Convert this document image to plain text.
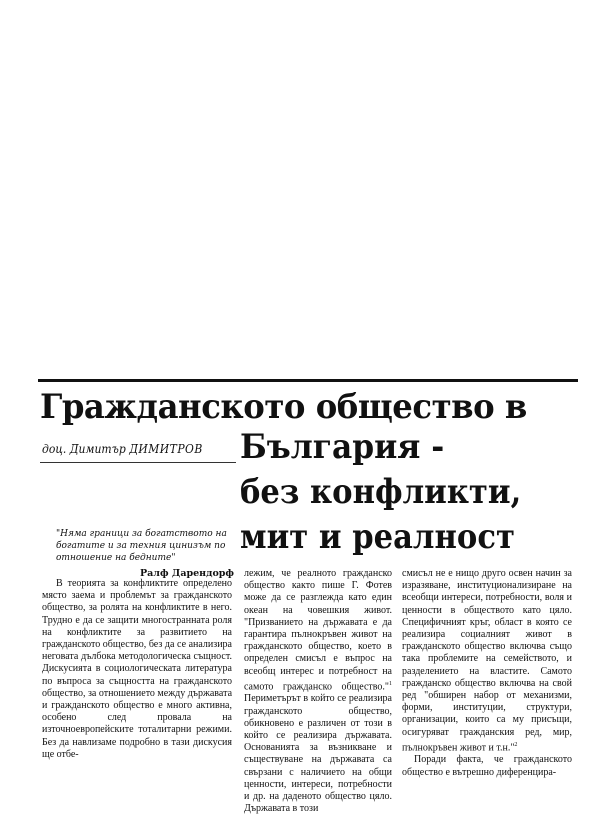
Гражданското общество в
България -
без конфликти,
мит и реалност
доц. Димитър ДИМИТРОВ
"Няма граници за богатството на богатите и за техния цинизъм по отношение на бедните"
Ралф Дарендорф

В теорията за конфликтите определено място заема и проблемът за гражданското общество, за ролята на конфликтите в него. Трудно е да се защити многостранната роля на конфликтите за развитието на гражданското общество, без да се анализира неговата дълбока методологическа същност. Дискусията в социологическата литература по въпроса за същността на гражданското общество, за отношението между държавата и гражданското общество е много активна, особено след провала на източноевропейските тоталитарни режими. Без да навлизаме подробно в тази дискусия ще отбе-

лежим, че реалното гражданско общество както пише Г. Фотев може да се разглежда като един океан на човешкия живот. "Призванието на държавата е да гарантира пълнокръвен живот на гражданското общество, което в определен смисъл е въпрос на всеобщ интерес и потребност на самото гражданско общество."$^1$ Периметърът в който се реализира гражданското общество, обикновено е различен от този в който се реализира държавата. Основанията за възникване и съществуване на държавата са свързани с наличието на общи ценности, интереси, потребности и др. на даденото общество цяло. Държавата в този

смисъл не е нищо друго освен начин за изразяване, институционализиране на всеобщи интереси, потребности, воля и ценности в обществото като цяло. Специфичният кръг, област в която се реализира социалният живот в гражданското общество включва също така проблемите на семейството, и разделението на властите. Самото гражданско общество включва на свой ред "обширен набор от механизми, форми, институции, структури, организации, които са му присъщи, осигуряват гражданския ред, мир, пълнокръвен живот и т.н."$^2$

Поради факта, че гражданското общество е вътрешно диференцира-
